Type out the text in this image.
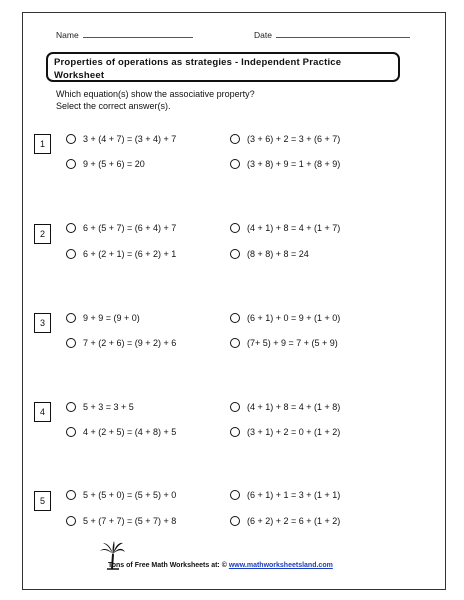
Name	Date
Properties of operations as strategies - Independent Practice Worksheet
Which equation(s) show the associative property?
Select the correct answer(s).
1	3 + (4 + 7) = (3 + 4) + 7	(3 + 6) + 2 = 3 + (6 + 7)
9 + (5 + 6) = 20	(3 + 8) + 9 = 1 + (8 + 9)
2
6 + (5 + 7) = (6 + 4) + 7	(4 + 1) + 8 = 4 + (1 + 7)
6 + (2 + 1) = (6 + 2) + 1	(8 + 8) + 8 = 24
3	9 + 9 = (9 + 0)	(6 + 1) + 0 = 9 + (1 + 0)
7 + (2 + 6) = (9 + 2) + 6	(7+ 5) + 9 = 7 + (5 + 9)
4	5 + 3 = 3 + 5	(4 + 1) + 8 = 4 + (1 + 8)
4 + (2 + 5) = (4 + 8) + 5	(3 + 1) + 2 = 0 + (1 + 2)
5
5 + (5 + 0) = (5 + 5) + 0	(6 + 1) + 1 = 3 + (1 + 1)
5 + (7 + 7) = (5 + 7) + 8	(6 + 2) + 2 = 6 + (1 + 2)
Tons of Free Math Worksheets at: © www.mathworksheetsland.com
